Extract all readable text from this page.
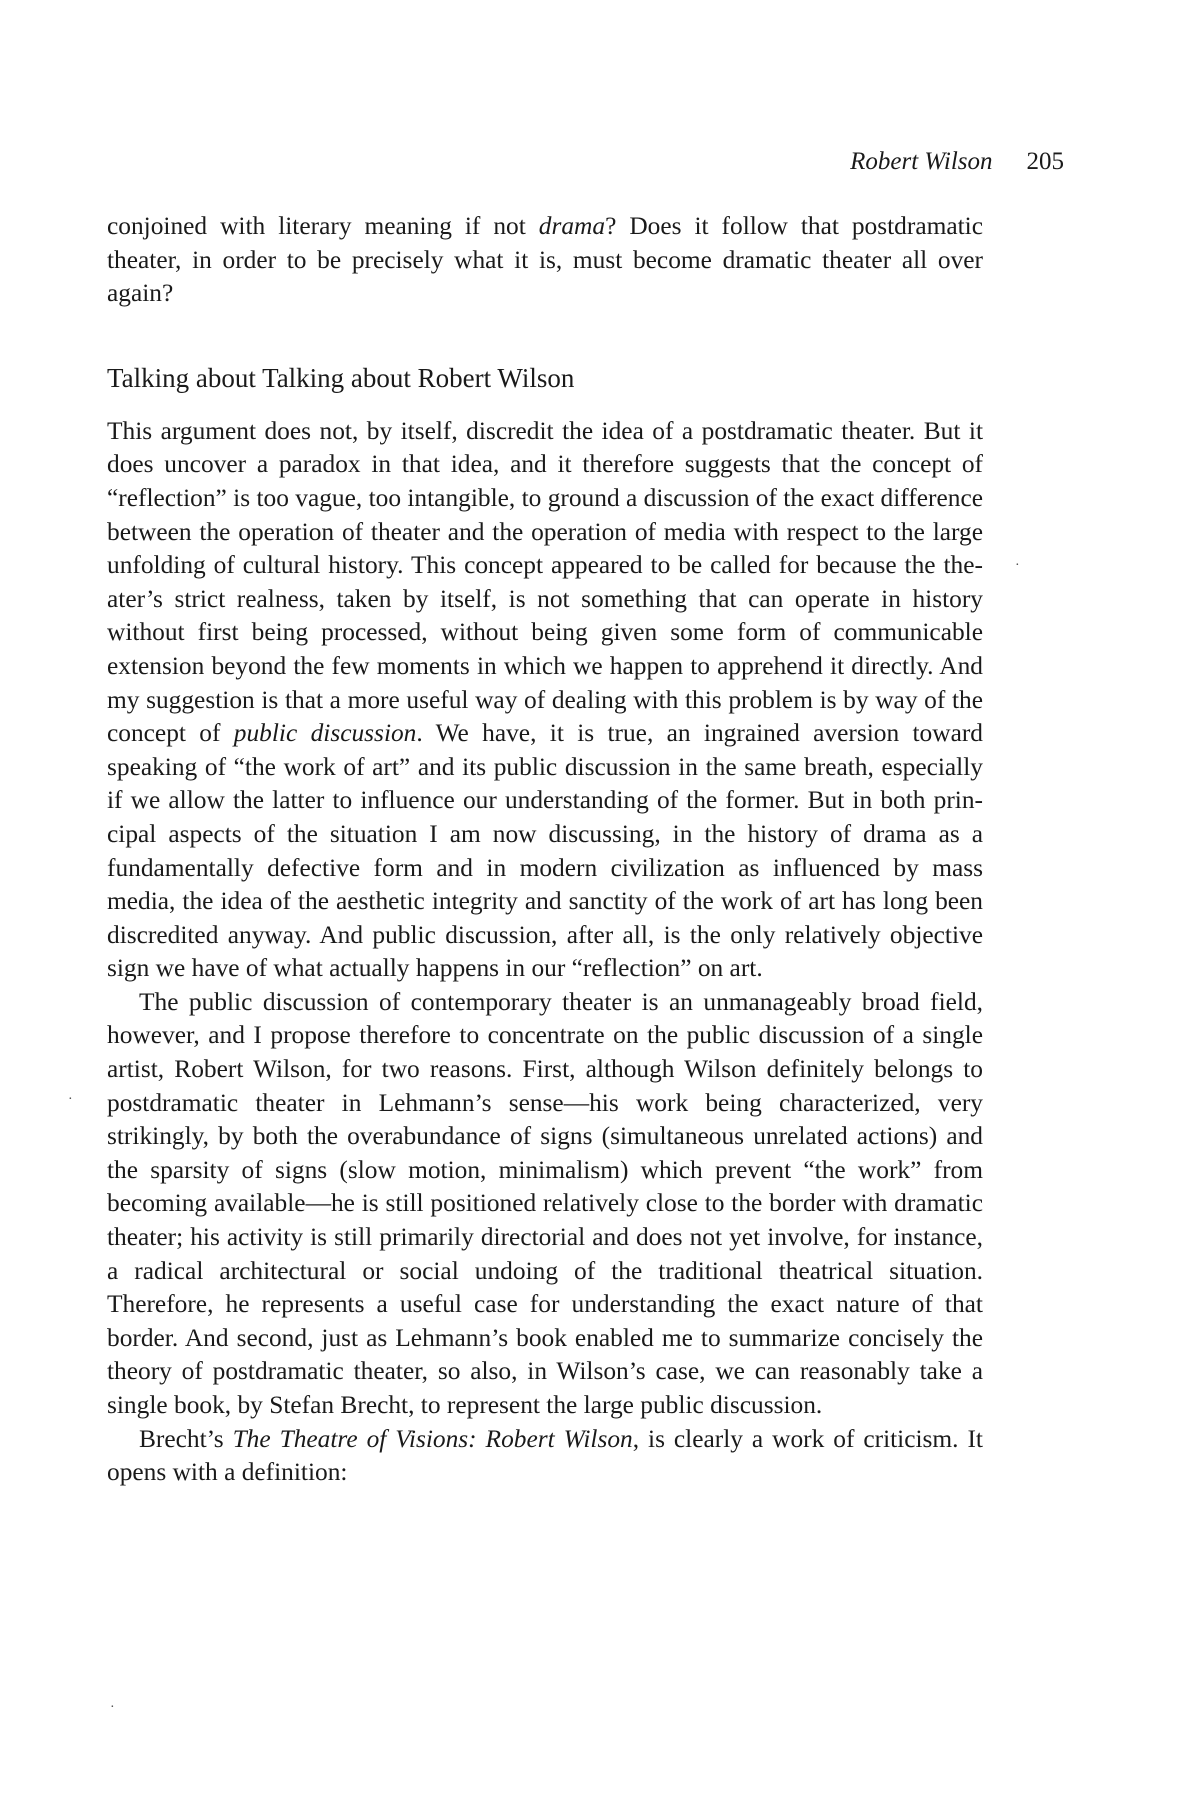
Robert Wilson 205

conjoined with literary meaning if not drama? Does it follow that postdramatic theater, in order to be precisely what it is, must become dramatic theater all over again?

Talking about Talking about Robert Wilson

This argument does not, by itself, discredit the idea of a postdramatic theater. But it does uncover a paradox in that idea, and it therefore suggests that the concept of “reflection” is too vague, too intangible, to ground a discussion of the exact difference between the operation of theater and the operation of media with respect to the large unfolding of cultural history. This concept appeared to be called for because the theater’s strict realness, taken by itself, is not something that can operate in history without first being processed, without being given some form of communicable extension beyond the few moments in which we happen to apprehend it directly. And my suggestion is that a more useful way of dealing with this problem is by way of the concept of public discussion. We have, it is true, an ingrained aversion toward speaking of “the work of art” and its public discussion in the same breath, especially if we allow the latter to influence our understanding of the former. But in both principal aspects of the situation I am now discussing, in the history of drama as a fundamentally defective form and in modern civilization as influenced by mass media, the idea of the aesthetic integrity and sanctity of the work of art has long been discredited anyway. And public discussion, after all, is the only relatively objective sign we have of what actually happens in our “reflection” on art.

The public discussion of contemporary theater is an unmanageably broad field, however, and I propose therefore to concentrate on the public discussion of a single artist, Robert Wilson, for two reasons. First, although Wilson definitely belongs to postdramatic theater in Lehmann’s sense—his work being characterized, very strikingly, by both the overabundance of signs (simultaneous unrelated actions) and the sparsity of signs (slow motion, minimalism) which prevent “the work” from becoming available—he is still positioned relatively close to the border with dramatic theater; his activity is still primarily directorial and does not yet involve, for instance, a radical architectural or social undoing of the traditional theatrical situation. Therefore, he represents a useful case for understanding the exact nature of that border. And second, just as Lehmann’s book enabled me to summarize concisely the theory of postdramatic theater, so also, in Wilson’s case, we can reasonably take a single book, by Stefan Brecht, to represent the large public discussion.

Brecht’s The Theatre of Visions: Robert Wilson, is clearly a work of criticism. It opens with a definition:

·
·
·
